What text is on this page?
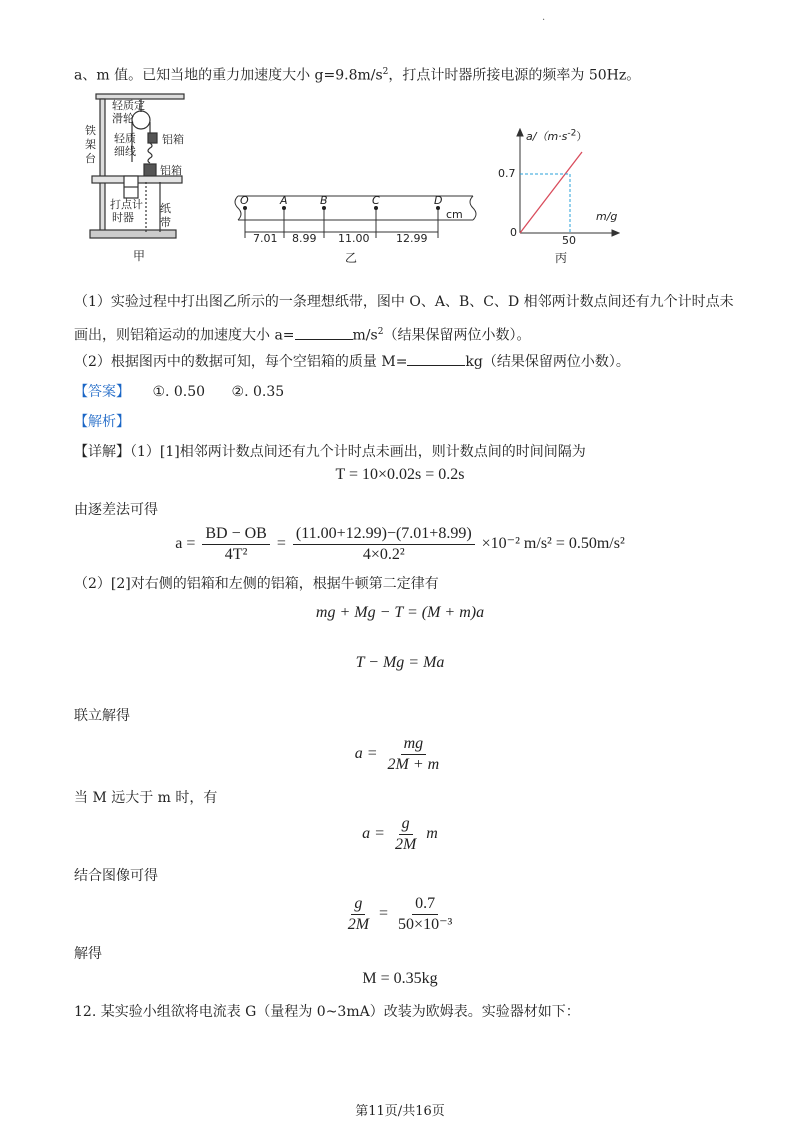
.
a、m 值。已知当地的重力加速度大小 $g=9.8m/s^2$，打点计时器所接电源的频率为 50Hz。
轻质定
滑轮
铝箱
轻质
细线
铝箱
铁
架
台
打点计
时器
纸
带
甲
O	A	B	C	D
cm
7.01 8.99 11.00 12.99
乙
$a/(m\cdot s^{-2})$
m/g
0
0.7
50
丙
（1）实验过程中打出图乙所示的一条理想纸带，图中 O、A、B、C、D 相邻两计数点间还有九个计时点未
画出，则铝箱运动的加速度大小 a=	$m/s^2$（结果保留两位小数）。
（2）根据图丙中的数据可知，每个空铝箱的质量 M=	kg（结果保留两位小数）。
【答案】 ①. 0.50 ②. 0.35
【解析】
【详解】（1）[1]相邻两计数点间还有九个计时点未画出，则计数点间的时间间隔为
T = 10×0.02s = 0.2s
由逐差法可得
$a = \frac{BD - OB}{\text{4T²}} = \frac{(11.00+12.99)-(7.01+8.99)}{\text{4×0.2²}} \times 10^{-2}$ m/s² = 0.50m/s²
（2）[2]对右侧的铝箱和左侧的铝箱，根据牛顿第二定律有
mg + Mg − T = (M + m)a
T − Mg = Ma
联立解得
$a = \frac{mg}{2M + m}$
当 M 远大于 m 时，有
$a = \frac{g}{2M}$ m
结合图像可得
$\frac{g}{2M} = \frac{0.7}{\text{50×10⁻³}}$
解得
M = 0.35kg
12. 某实验小组欲将电流表 G（量程为 0~3mA）改装为欧姆表。实验器材如下：
第11页/共16页
